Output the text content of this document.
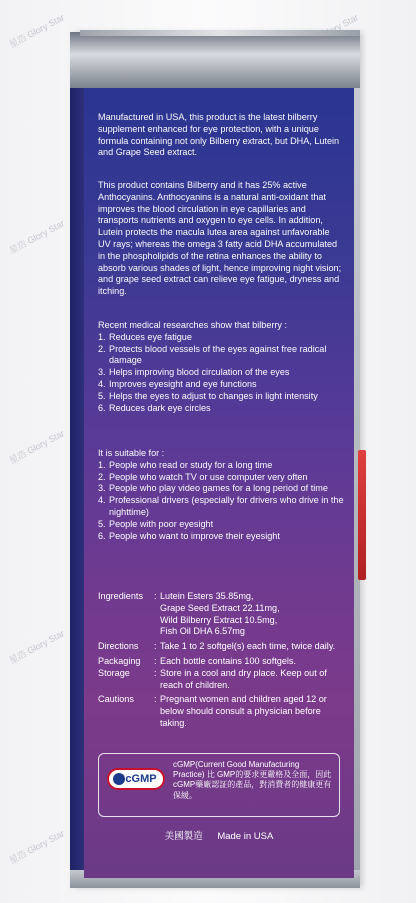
星浩 Glory Star
星浩 Glory Star
星浩 Glory Star
星浩 Glory Star
星浩 Glory Star

Manufactured in USA, this product is the latest bilberry supplement enhanced for eye protection, with a unique formula containing not only Bilberry extract, but DHA, Lutein and Grape Seed extract.

This product contains Bilberry and it has 25% active Anthocyanins. Anthocyanins is a natural anti-oxidant that improves the blood circulation in eye capillaries and transports nutrients and oxygen to eye cells. In addition, Lutein protects the macula lutea area against unfavorable UV rays; whereas the omega 3 fatty acid DHA accumulated in the phospholipids of the retina enhances the ability to absorb various shades of light, hence improving night vision; and grape seed extract can relieve eye fatigue, dryness and itching.

Recent medical researches show that bilberry :

1. Reduces eye fatigue
2. Protects blood vessels of the eyes against free radical damage
3. Helps improving blood circulation of the eyes
4. Improves eyesight and eye functions
5. Helps the eyes to adjust to changes in light intensity
6. Reduces dark eye circles

It is suitable for :

1. People who read or study for a long time
2. People who watch TV or use computer very often
3. People who play video games for a long period of time
4. Professional drivers (especially for drivers who drive in the nighttime)
5. People with poor eyesight
6. People who want to improve their eyesight
Ingredients	: Lutein Esters 35.85mg,
Grape Seed Extract 22.11mg,
Wild Bilberry Extract 10.5mg,
Fish Oil DHA 6.57mg
Directions	: Take 1 to 2 softgel(s) each time, twice daily.
Packaging	: Each bottle contains 100 softgels.
Storage	: Store in a cool and dry place. Keep out of reach of children.
Cautions	: Pregnant women and children aged 12 or below should consult a physician before taking.
cGMP
cGMP(Current Good Manufacturing Practice) 比 GMP的要求更嚴格及全面，因此 cGMP藥廠認証的產品，對消費者的健康更有保緩。
美國製造 Made in USA
